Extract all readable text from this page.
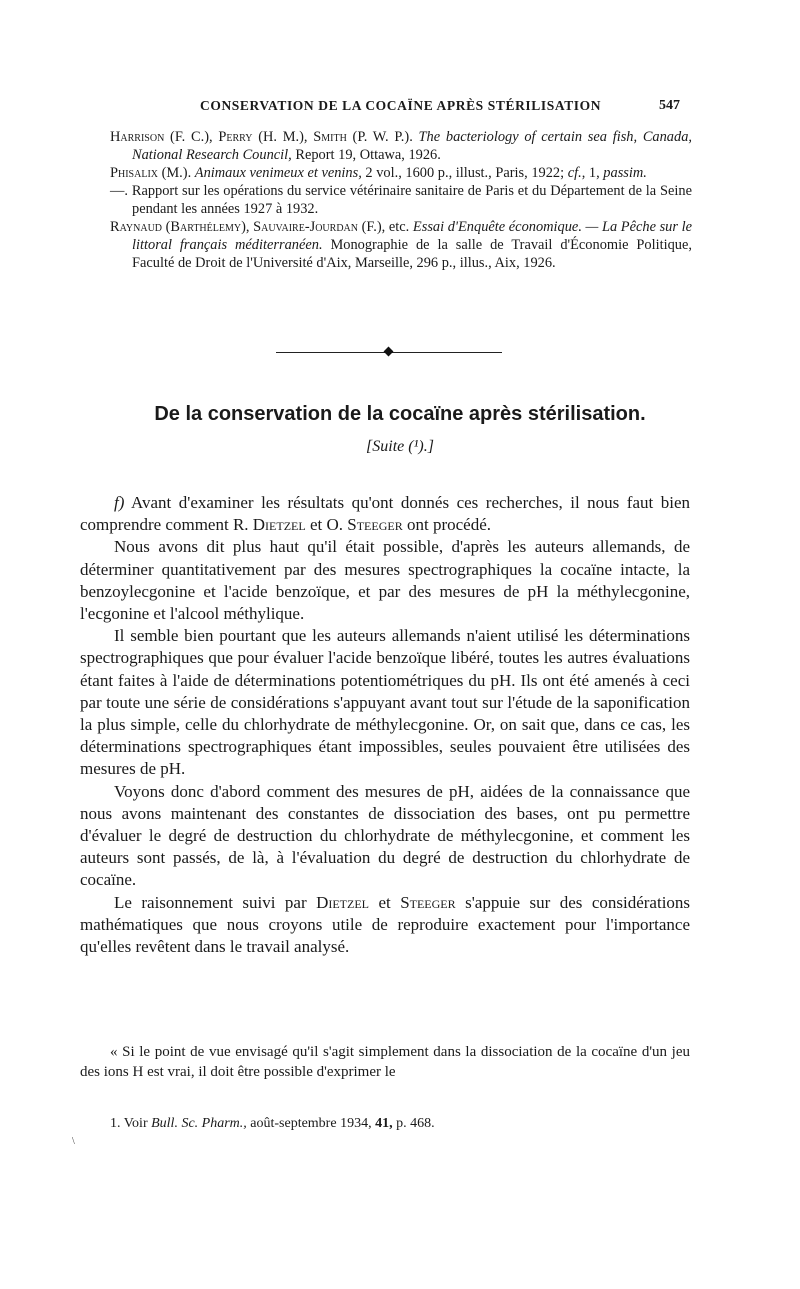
CONSERVATION DE LA COCAÏNE APRÈS STÉRILISATION	547

Harrison (F. C.), Perry (H. M.), Smith (P. W. P.). The bacteriology of certain sea fish, Canada, National Research Council, Report 19, Ottawa, 1926.

Phisalix (M.). Animaux venimeux et venins, 2 vol., 1600 p., illust., Paris, 1922; cf., 1, passim.

—. Rapport sur les opérations du service vétérinaire sanitaire de Paris et du Département de la Seine pendant les années 1927 à 1932.

Raynaud (Barthélemy), Sauvaire-Jourdan (F.), etc. Essai d'Enquête économique. — La Pêche sur le littoral français méditerranéen. Monographie de la salle de Travail d'Économie Politique, Faculté de Droit de l'Université d'Aix, Marseille, 296 p., illus., Aix, 1926.

De la conservation de la cocaïne après stérilisation.
[Suite (¹).]

f) Avant d'examiner les résultats qu'ont donnés ces recherches, il nous faut bien comprendre comment R. Dietzel et O. Steeger ont procédé.

Nous avons dit plus haut qu'il était possible, d'après les auteurs allemands, de déterminer quantitativement par des mesures spectrographiques la cocaïne intacte, la benzoylecgonine et l'acide benzoïque, et par des mesures de pH la méthylecgonine, l'ecgonine et l'alcool méthylique.

Il semble bien pourtant que les auteurs allemands n'aient utilisé les déterminations spectrographiques que pour évaluer l'acide benzoïque libéré, toutes les autres évaluations étant faites à l'aide de déterminations potentiométriques du pH. Ils ont été amenés à ceci par toute une série de considérations s'appuyant avant tout sur l'étude de la saponification la plus simple, celle du chlorhydrate de méthylecgonine. Or, on sait que, dans ce cas, les déterminations spectrographiques étant impossibles, seules pouvaient être utilisées des mesures de pH.

Voyons donc d'abord comment des mesures de pH, aidées de la connaissance que nous avons maintenant des constantes de dissociation des bases, ont pu permettre d'évaluer le degré de destruction du chlorhydrate de méthylecgonine, et comment les auteurs sont passés, de là, à l'évaluation du degré de destruction du chlorhydrate de cocaïne.

Le raisonnement suivi par Dietzel et Steeger s'appuie sur des considérations mathématiques que nous croyons utile de reproduire exactement pour l'importance qu'elles revêtent dans le travail analysé.

« Si le point de vue envisagé qu'il s'agit simplement dans la dissociation de la cocaïne d'un jeu des ions H est vrai, il doit être possible d'exprimer le

1. Voir Bull. Sc. Pharm., août-septembre 1934, 41, p. 468.
\
